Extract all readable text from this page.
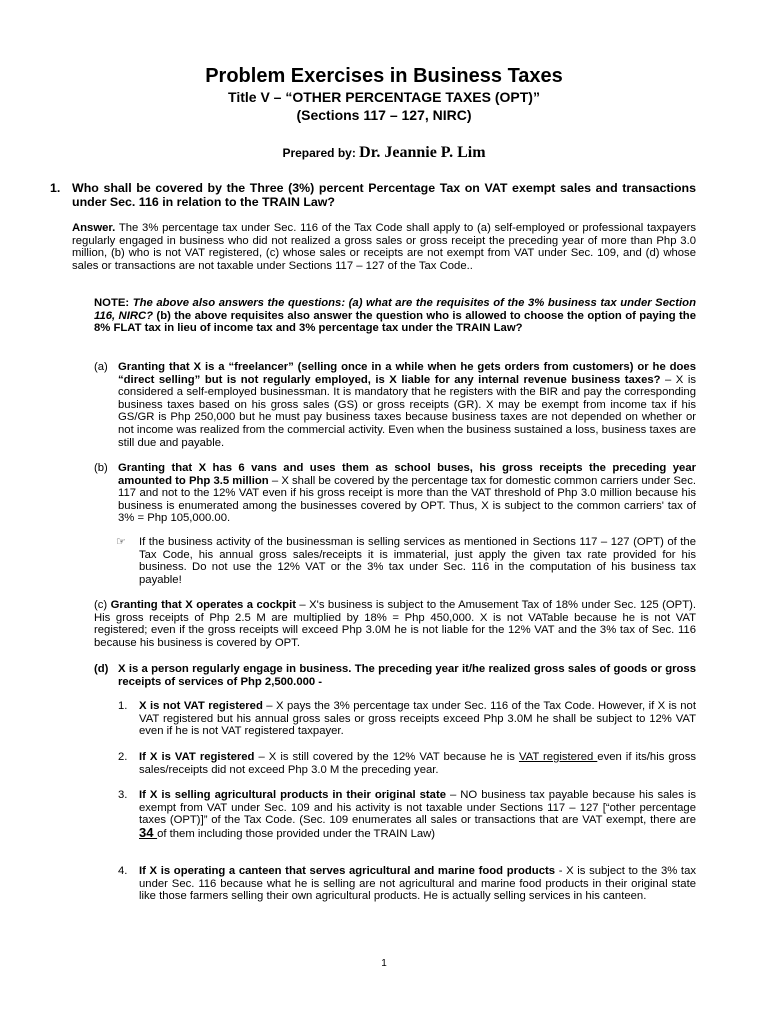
Problem Exercises in Business Taxes
Title V – “OTHER PERCENTAGE TAXES (OPT)”
(Sections 117 – 127, NIRC)
Prepared by: Dr. Jeannie P. Lim
1. Who shall be covered by the Three (3%) percent Percentage Tax on VAT exempt sales and transactions under Sec. 116 in relation to the TRAIN Law?
Answer. The 3% percentage tax under Sec. 116 of the Tax Code shall apply to (a) self-employed or professional taxpayers regularly engaged in business who did not realized a gross sales or gross receipt the preceding year of more than Php 3.0 million, (b) who is not VAT registered, (c) whose sales or receipts are not exempt from VAT under Sec. 109, and (d) whose sales or transactions are not taxable under Sections 117 – 127 of the Tax Code..
NOTE: The above also answers the questions: (a) what are the requisites of the 3% business tax under Section 116, NIRC? (b) the above requisites also answer the question who is allowed to choose the option of paying the 8% FLAT tax in lieu of income tax and 3% percentage tax under the TRAIN Law?
(a) Granting that X is a “freelancer” (selling once in a while when he gets orders from customers) or he does “direct selling” but is not regularly employed, is X liable for any internal revenue business taxes? – X is considered a self-employed businessman. It is mandatory that he registers with the BIR and pay the corresponding business taxes based on his gross sales (GS) or gross receipts (GR). X may be exempt from income tax if his GS/GR is Php 250,000 but he must pay business taxes because business taxes are not depended on whether or not income was realized from the commercial activity. Even when the business sustained a loss, business taxes are still due and payable.
(b) Granting that X has 6 vans and uses them as school buses, his gross receipts the preceding year amounted to Php 3.5 million – X shall be covered by the percentage tax for domestic common carriers under Sec. 117 and not to the 12% VAT even if his gross receipt is more than the VAT threshold of Php 3.0 million because his business is enumerated among the businesses covered by OPT. Thus, X is subject to the common carriers' tax of 3% = Php 105,000.00.
☞ If the business activity of the businessman is selling services as mentioned in Sections 117 – 127 (OPT) of the Tax Code, his annual gross sales/receipts it is immaterial, just apply the given tax rate provided for his business. Do not use the 12% VAT or the 3% tax under Sec. 116 in the computation of his business tax payable!
(c) Granting that X operates a cockpit – X's business is subject to the Amusement Tax of 18% under Sec. 125 (OPT). His gross receipts of Php 2.5 M are multiplied by 18% = Php 450,000. X is not VATable because he is not VAT registered; even if the gross receipts will exceed Php 3.0M he is not liable for the 12% VAT and the 3% tax of Sec. 116 because his business is covered by OPT.
(d) X is a person regularly engage in business. The preceding year it/he realized gross sales of goods or gross receipts of services of Php 2,500.000 -
1. X is not VAT registered – X pays the 3% percentage tax under Sec. 116 of the Tax Code. However, if X is not VAT registered but his annual gross sales or gross receipts exceed Php 3.0M he shall be subject to 12% VAT even if he is not VAT registered taxpayer.
2. If X is VAT registered – X is still covered by the 12% VAT because he is VAT registered even if its/his gross sales/receipts did not exceed Php 3.0 M the preceding year.
3. If X is selling agricultural products in their original state – NO business tax payable because his sales is exempt from VAT under Sec. 109 and his activity is not taxable under Sections 117 – 127 [“other percentage taxes (OPT)]” of the Tax Code. (Sec. 109 enumerates all sales or transactions that are VAT exempt, there are 34 of them including those provided under the TRAIN Law)
4. If X is operating a canteen that serves agricultural and marine food products - X is subject to the 3% tax under Sec. 116 because what he is selling are not agricultural and marine food products in their original state like those farmers selling their own agricultural products. He is actually selling services in his canteen.
1
